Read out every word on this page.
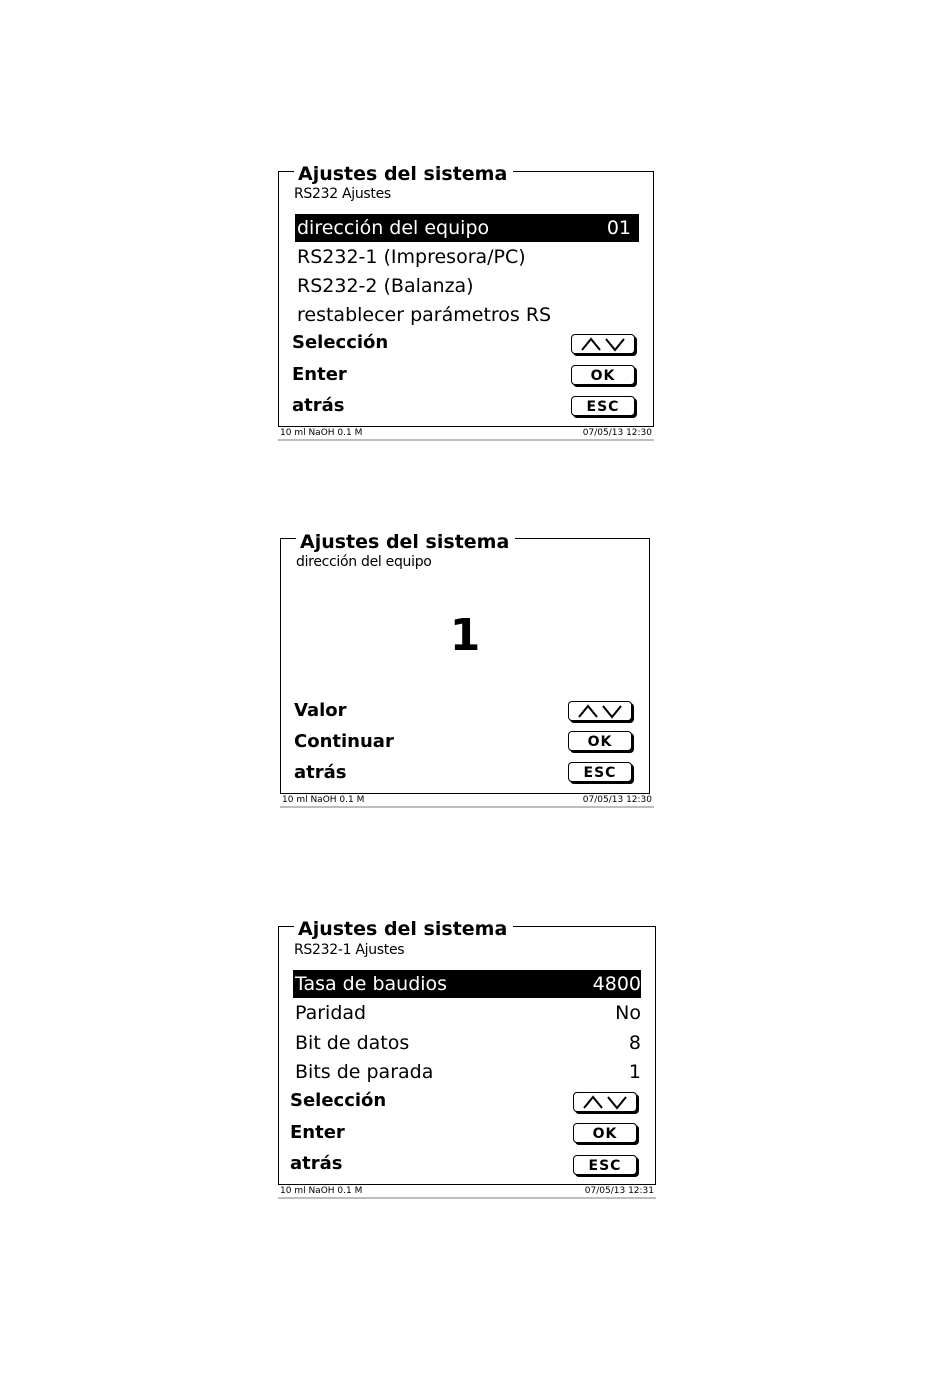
Ajustes del sistema
RS232 Ajustes
dirección del equipo	01
RS232-1 (Impresora/PC)
RS232-2 (Balanza)
restablecer parámetros RS
Selección
Enter	OK
atrás	ESC
10 ml NaOH 0.1 M	07/05/13 12:30
Ajustes del sistema
dirección del equipo
1
Valor
Continuar	OK
atrás	ESC
10 ml NaOH 0.1 M	07/05/13 12:30
Ajustes del sistema
RS232-1 Ajustes
Tasa de baudios	4800
Paridad	No
Bit de datos	8
Bits de parada	1
Selección
Enter	OK
atrás	ESC
10 ml NaOH 0.1 M	07/05/13 12:31
